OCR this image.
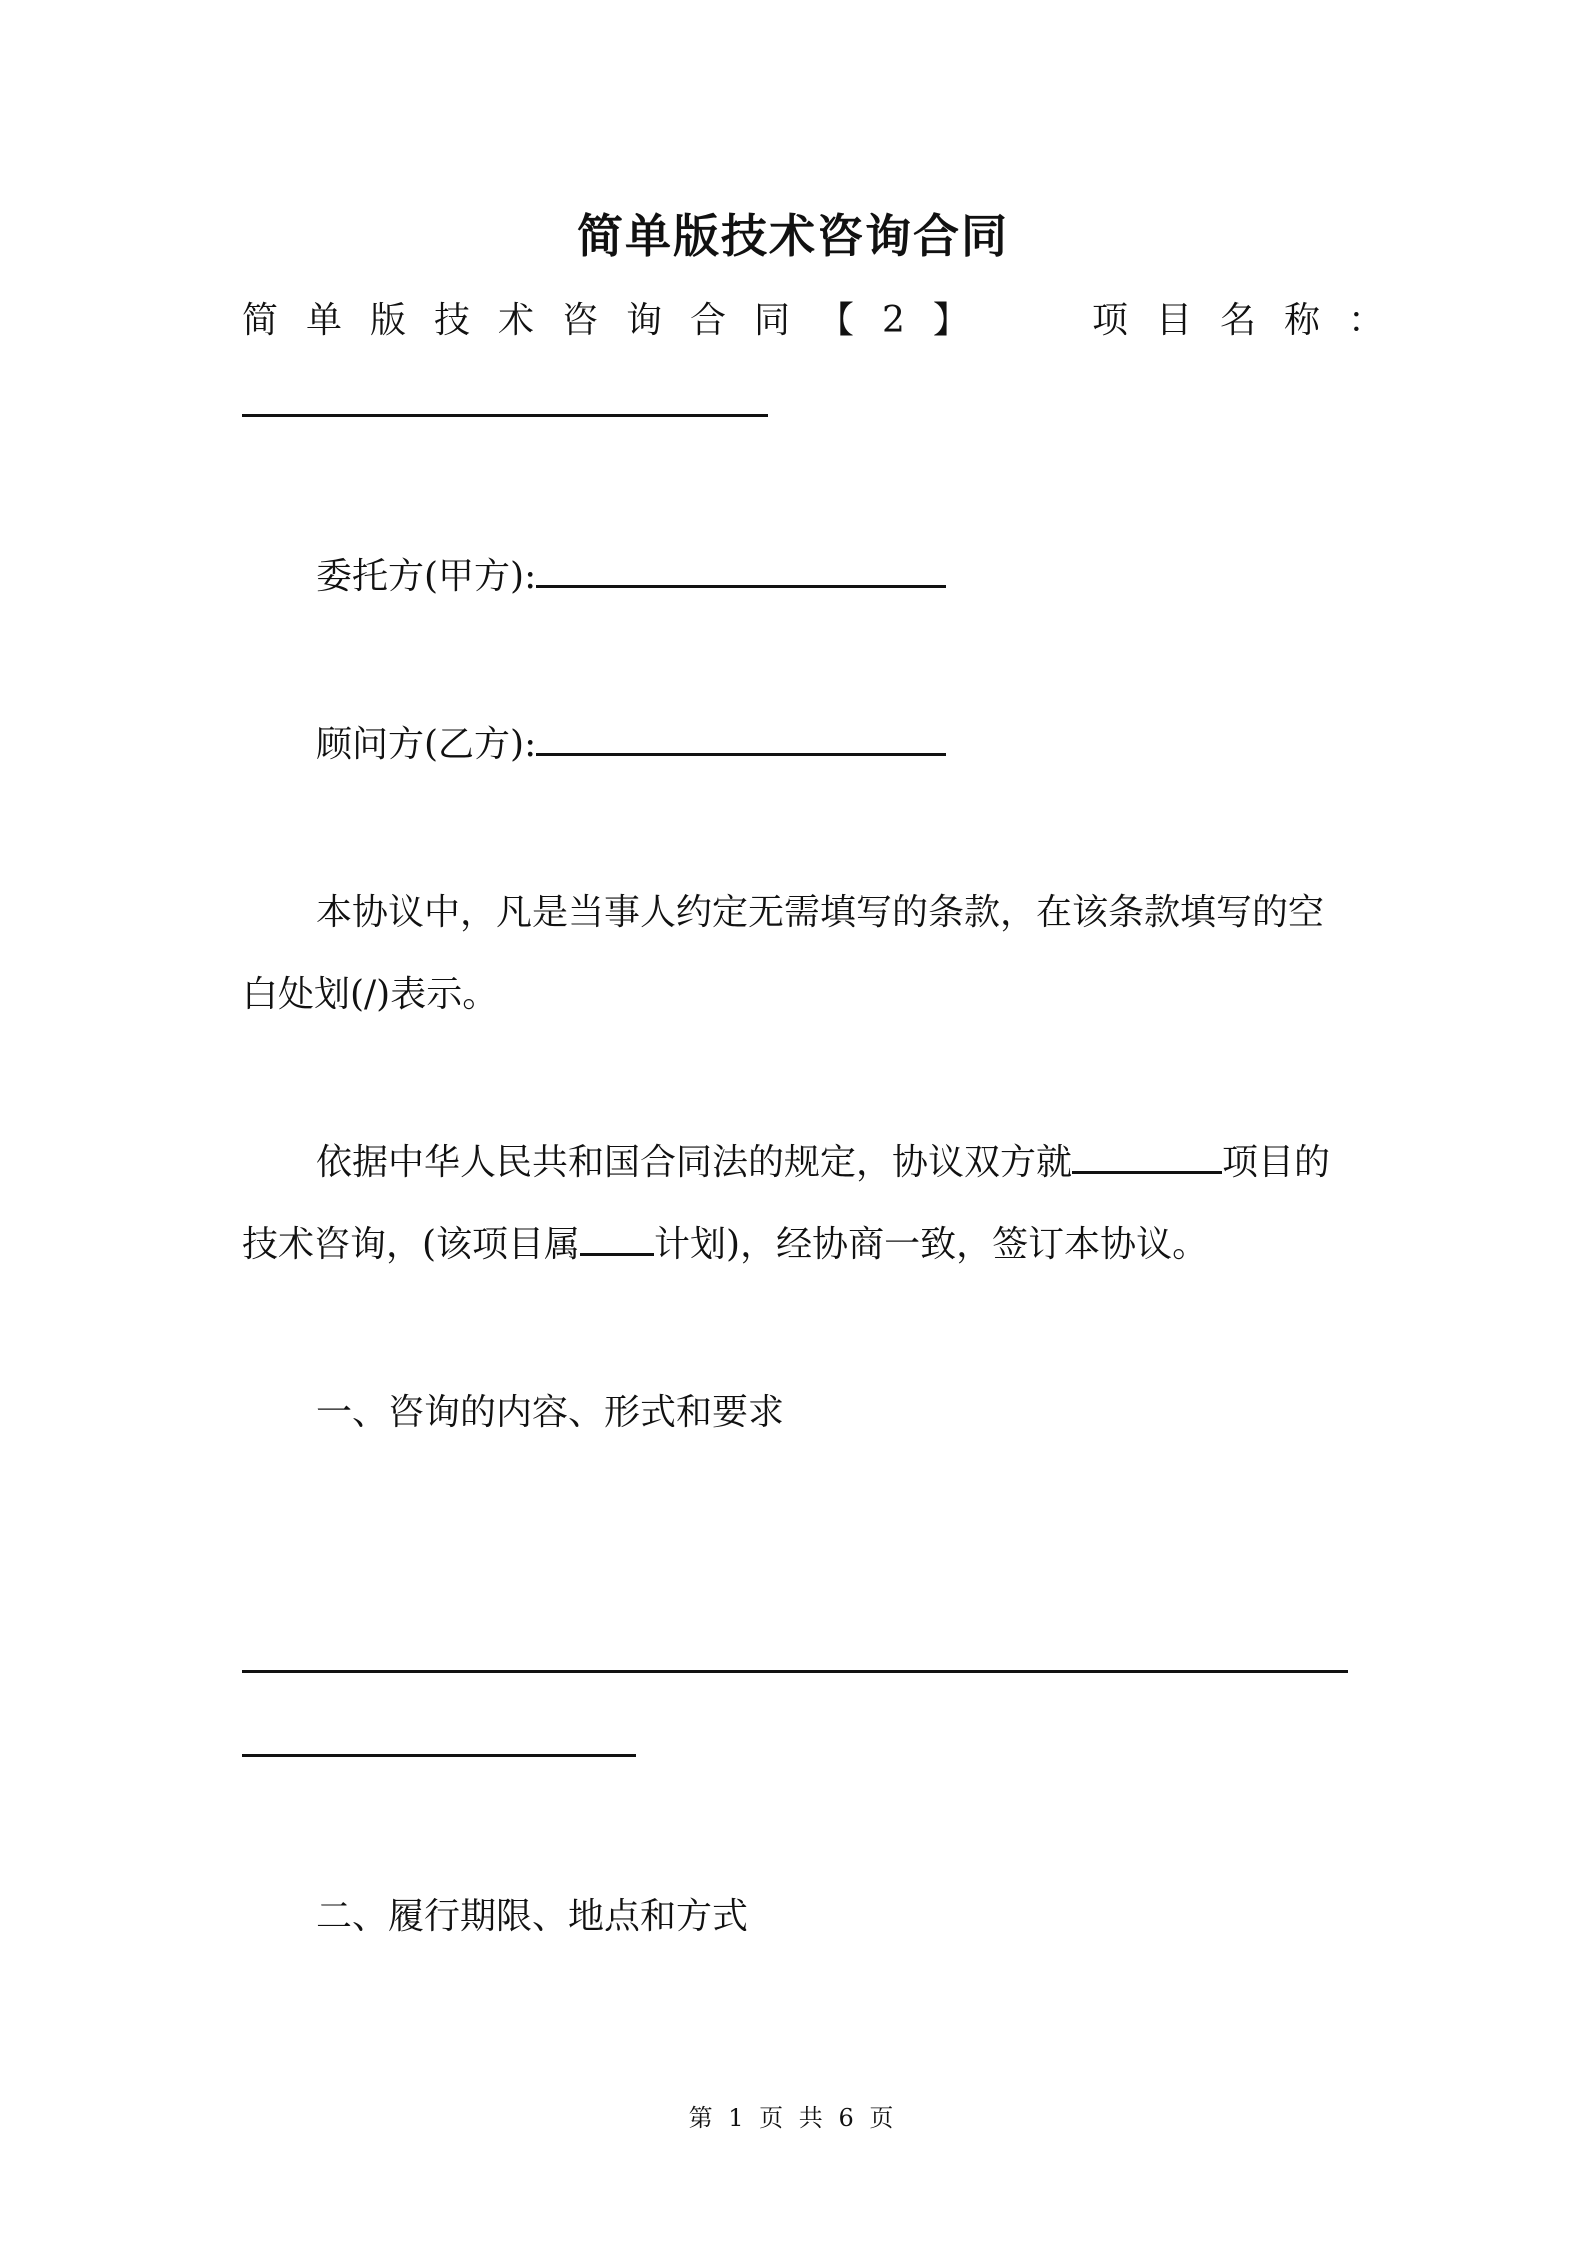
简单版技术咨询合同
简单版技术咨询合同【2】	项目名称：
委托方(甲方):
顾问方(乙方):
本协议中，凡是当事人约定无需填写的条款，在该条款填写的空
白处划(/)表示。
依据中华人民共和国合同法的规定，协议双方就	项目的
技术咨询，(该项目属 计划)，经协商一致，签订本协议。
一、咨询的内容、形式和要求
二、履行期限、地点和方式
第 1 页 共 6 页
